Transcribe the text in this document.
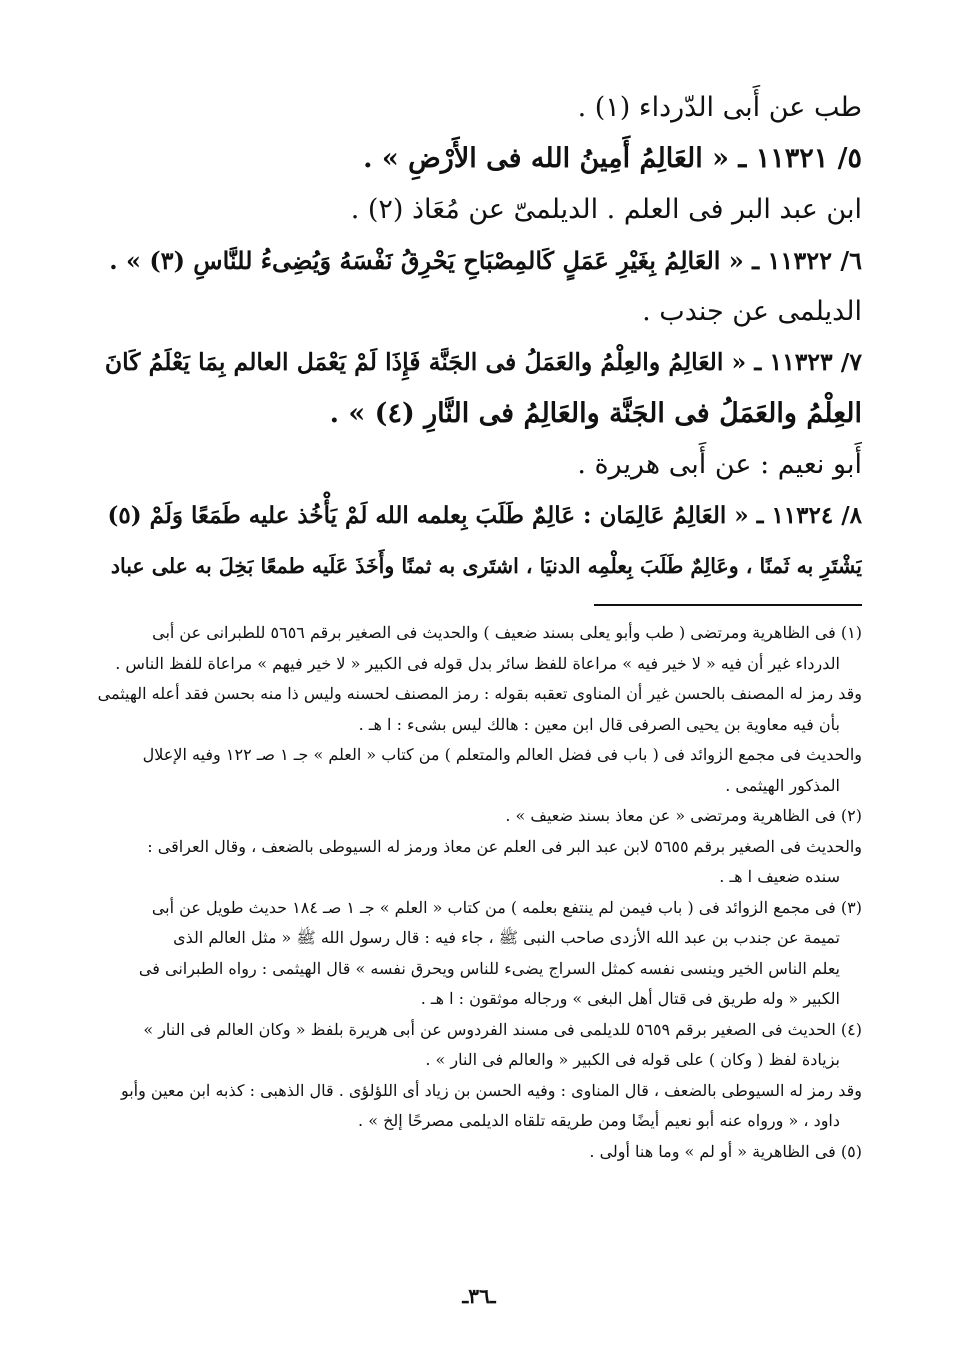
طب عن أَبى الدّرداء (١) .
٥/ ١١٣٢١ ـ « العَالِمُ أَمِينُ الله فى الأَرْضِ » .
ابن عبد البر فى العلم . الديلمىّ عن مُعَاذ (٢) .
٦/ ١١٣٢٢ ـ « العَالِمُ بِغَيْرِ عَمَلٍ كَالمِصْبَاحِ يَحْرِقُ نَفْسَهُ وَيُضِىءُ للنَّاسِ (٣) » .
الديلمى عن جندب .
٧/ ١١٣٢٣ ـ « العَالِمُ والعِلْمُ والعَمَلُ فى الجَنَّة فَإِذَا لَمْ يَعْمَل العالم بِمَا يَعْلَمُ كَانَ
العِلْمُ والعَمَلُ فى الجَنَّة والعَالِمُ فى النَّارِ (٤) » .
أَبو نعيم : عن أَبى هريرة .
٨/ ١١٣٢٤ ـ « العَالِمُ عَالِمَان : عَالِمٌ طَلَبَ بِعلمه الله لَمْ يَأْخُذ عليه طَمَعًا وَلَمْ (٥)
يَشْتَرِ به ثَمنًا ، وعَالِمٌ طَلَبَ بِعلْمِه الدنيَا ، اشتَرى به ثمنًا وأَخَذَ عَلَيه طمعًا بَخِلَ به على عباد
(١) فى الظاهرية ومرتضى ( طب وأبو يعلى بسند ضعيف ) والحديث فى الصغير برقم ٥٦٥٦ للطبرانى عن أبى
الدرداء غير أن فيه « لا خير فيه » مراعاة للفظ سائر بدل قوله فى الكبير « لا خير فيهم » مراعاة للفظ الناس .
وقد رمز له المصنف بالحسن غير أن المناوى تعقبه بقوله : رمز المصنف لحسنه وليس ذا منه بحسن فقد أعله الهيثمى
بأن فيه معاوية بن يحيى الصرفى قال ابن معين : هالك ليس بشىء : ا هـ .
والحديث فى مجمع الزوائد فى ( باب فى فضل العالم والمتعلم ) من كتاب « العلم » جـ ١ صـ ١٢٢ وفيه الإعلال
المذكور الهيثمى .
(٢) فى الظاهرية ومرتضى « عن معاذ بسند ضعيف » .
والحديث فى الصغير برقم ٥٦٥٥ لابن عبد البر فى العلم عن معاذ ورمز له السيوطى بالضعف ، وقال العراقى :
سنده ضعيف ا هـ .
(٣) فى مجمع الزوائد فى ( باب فيمن لم ينتفع بعلمه ) من كتاب « العلم » جـ ١ صـ ١٨٤ حديث طويل عن أبى
تميمة عن جندب بن عبد الله الأزدى صاحب النبى ﷺ ، جاء فيه : قال رسول الله ﷺ « مثل العالم الذى
يعلم الناس الخير وينسى نفسه كمثل السراج يضىء للناس ويحرق نفسه » قال الهيثمى : رواه الطبرانى فى
الكبير « وله طريق فى قتال أهل البغى » ورجاله موثقون : ا هـ .
(٤) الحديث فى الصغير برقم ٥٦٥٩ للديلمى فى مسند الفردوس عن أبى هريرة بلفظ « وكان العالم فى النار »
بزيادة لفظ ( وكان ) على قوله فى الكبير « والعالم فى النار » .
وقد رمز له السيوطى بالضعف ، قال المناوى : وفيه الحسن بن زياد أى اللؤلؤى . قال الذهبى : كذبه ابن معين وأبو
داود ، « ورواه عنه أبو نعيم أيضًا ومن طريقه تلقاه الديلمى مصرحًا إلخ » .
(٥) فى الظاهرية « أو لم » وما هنا أولى .
ـ٣٦ـ
